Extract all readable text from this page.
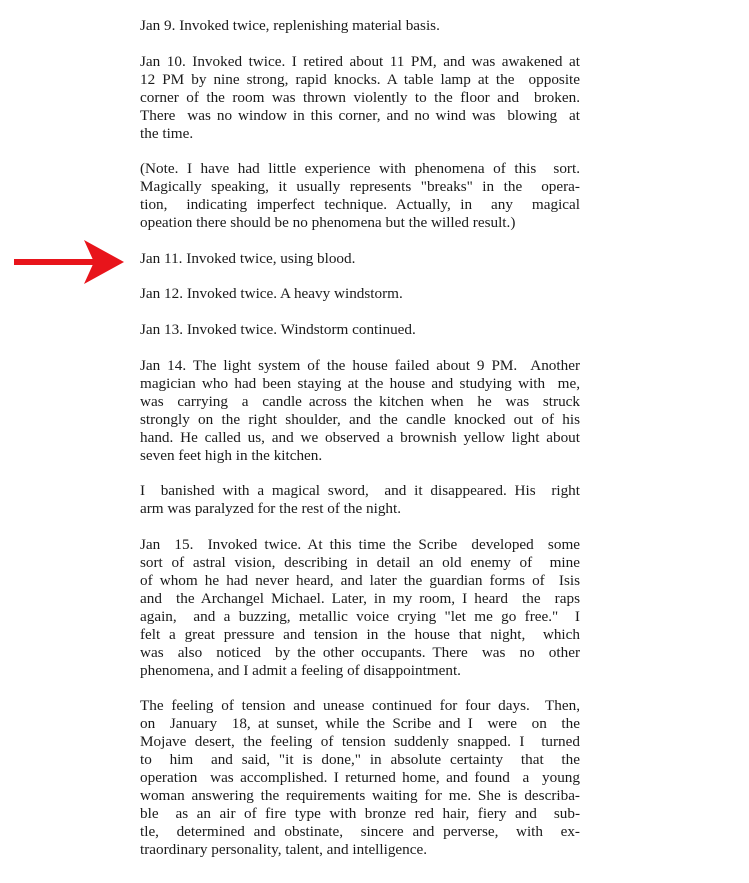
Jan 9. Invoked twice, replenishing material basis.
Jan 10. Invoked twice. I retired about 11 PM, and was awakened at
12 PM by nine strong, rapid knocks. A table lamp at the  opposite
corner of the room was thrown violently to the floor and  broken.
There  was no window in this corner, and no wind was  blowing  at
the time.
(Note. I have had little experience with phenomena of this  sort.
Magically speaking, it usually represents "breaks" in the  opera-
tion,  indicating imperfect technique. Actually, in  any  magical
opeation there should be no phenomena but the willed result.)
Jan 11. Invoked twice, using blood.
Jan 12. Invoked twice. A heavy windstorm.
Jan 13. Invoked twice. Windstorm continued.
Jan 14. The light system of the house failed about 9 PM.  Another
magician who had been staying at the house and studying with  me,
was  carrying  a  candle across the kitchen when  he  was  struck
strongly on the right shoulder, and the candle knocked out of his
hand. He called us, and we observed a brownish yellow light about
seven feet high in the kitchen.
I  banished with a magical sword,  and it disappeared. His  right
arm was paralyzed for the rest of the night.
Jan  15.  Invoked twice. At this time the Scribe  developed  some
sort of astral vision, describing in detail an old enemy of  mine
of whom he had never heard, and later the guardian forms of  Isis
and  the Archangel Michael. Later, in my room, I heard  the  raps
again,  and a buzzing, metallic voice crying "let me go free."  I
felt a great pressure and tension in the house that night,  which
was  also  noticed  by the other occupants. There  was  no  other
phenomena, and I admit a feeling of disappointment.
The feeling of tension and unease continued for four days.  Then,
on  January  18, at sunset, while the Scribe and I  were  on  the
Mojave desert, the feeling of tension suddenly snapped. I  turned
to  him  and said, "it is done," in absolute certainty  that  the
operation  was accomplished. I returned home, and found  a  young
woman answering the requirements waiting for me. She is describa-
ble  as an air of fire type with bronze red hair, fiery and  sub-
tle,  determined and obstinate,  sincere and perverse,  with  ex-
traordinary personality, talent, and intelligence.
